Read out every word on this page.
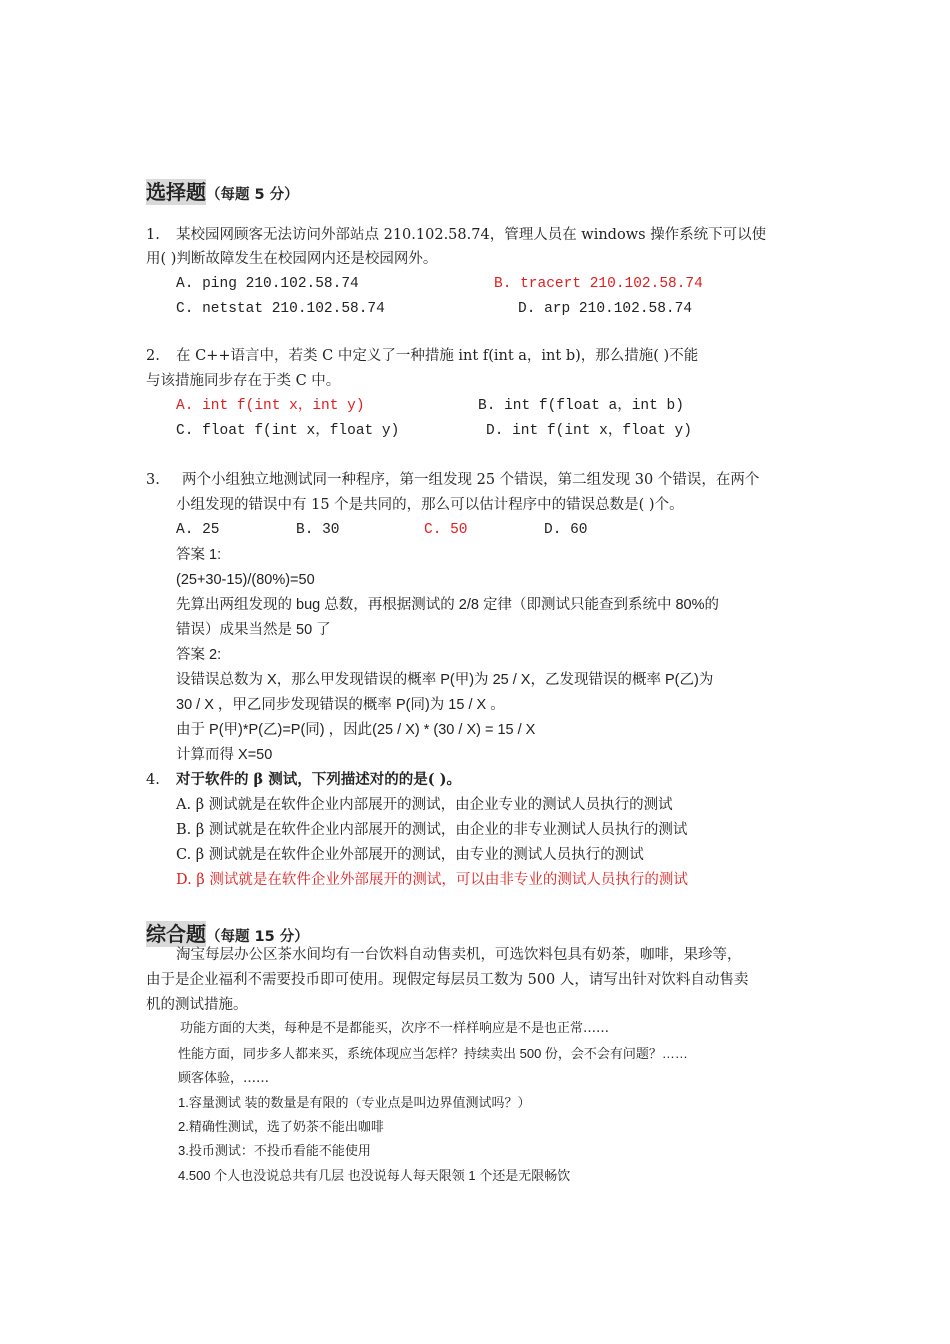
选择题（每题 5 分）
1. 某校园网顾客无法访问外部站点 210.102.58.74，管理人员在 windows 操作系统下可以使
用( )判断故障发生在校园网内还是校园网外。
A. ping 210.102.58.74	B. tracert 210.102.58.74
C. netstat 210.102.58.74	D. arp 210.102.58.74
2. 在 C++语言中，若类 C 中定义了一种措施 int f(int a，int b)，那么措施( )不能
与该措施同步存在于类 C 中。
A. int f(int x，int y)	B. int f(float a，int b)
C. float f(int x，float y)	D. int f(int x，float y)
3. 两个小组独立地测试同一种程序，第一组发现 25 个错误，第二组发现 30 个错误，在两个
小组发现的错误中有 15 个是共同的，那么可以估计程序中的错误总数是( )个。
A. 25	B. 30	C. 50	D. 60
答案 1:
(25+30-15)/(80%)=50
先算出两组发现的 bug 总数，再根据测试的 2/8 定律（即测试只能查到系统中 80%的
错误）成果当然是 50 了
答案 2:
设错误总数为 X，那么甲发现错误的概率 P(甲)为 25 / X，乙发现错误的概率 P(乙)为
30 / X ，甲乙同步发现错误的概率 P(同)为 15 / X 。
由于 P(甲)*P(乙)=P(同) ，因此(25 / X) * (30 / X) = 15 / X
计算而得 X=50
4. 对于软件的 β 测试，下列描述对的的是( )。
A. β 测试就是在软件企业内部展开的测试，由企业专业的测试人员执行的测试
B. β 测试就是在软件企业内部展开的测试，由企业的非专业测试人员执行的测试
C. β 测试就是在软件企业外部展开的测试，由专业的测试人员执行的测试
D. β 测试就是在软件企业外部展开的测试，可以由非专业的测试人员执行的测试
综合题（每题 15 分）
淘宝每层办公区茶水间均有一台饮料自动售卖机，可选饮料包具有奶茶，咖啡，果珍等，
由于是企业福利不需要投币即可使用。现假定每层员工数为 500 人，请写出针对饮料自动售卖
机的测试措施。
功能方面的大类，每种是不是都能买，次序不一样样响应是不是也正常……
性能方面，同步多人都来买，系统体现应当怎样？持续卖出 500 份，会不会有问题？……
顾客体验，……
1.容量测试 装的数量是有限的（专业点是叫边界值测试吗？）
2.精确性测试，选了奶茶不能出咖啡
3.投币测试：不投币看能不能使用
4.500 个人也没说总共有几层 也没说每人每天限领 1 个还是无限畅饮
